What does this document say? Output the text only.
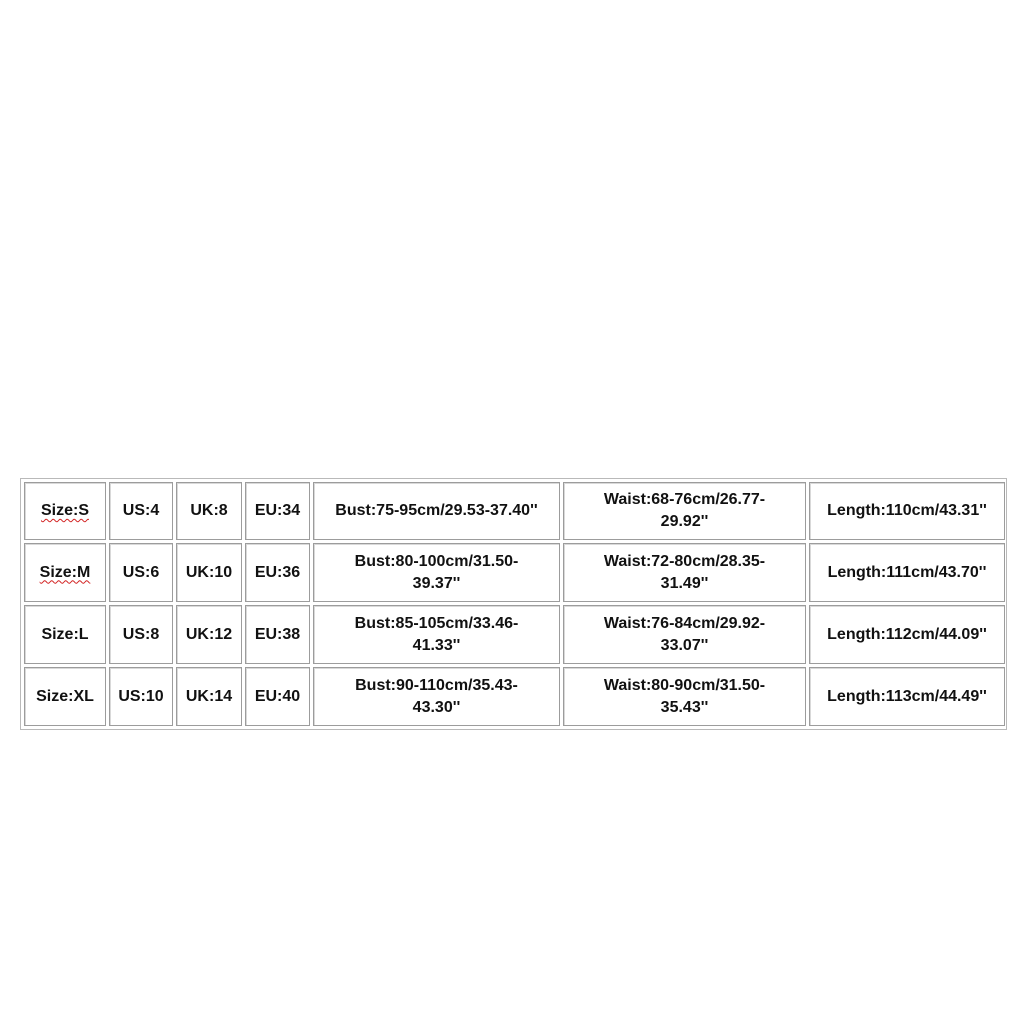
Size:S US:4 UK:8 EU:34 Bust:75-95cm/29.53-37.40''
Waist:68-76cm/26.77-29.92''
Length:110cm/43.31''
Size:M US:6 UK:10 EU:36
Bust:80-100cm/31.50-39.37''
Waist:72-80cm/28.35-31.49''
Length:111cm/43.70''
Size:L US:8 UK:12 EU:38
Bust:85-105cm/33.46-41.33''
Waist:76-84cm/29.92-33.07''
Length:112cm/44.09''
Size:XL US:10 UK:14 EU:40
Bust:90-110cm/35.43-43.30''
Waist:80-90cm/31.50-35.43''
Length:113cm/44.49''
